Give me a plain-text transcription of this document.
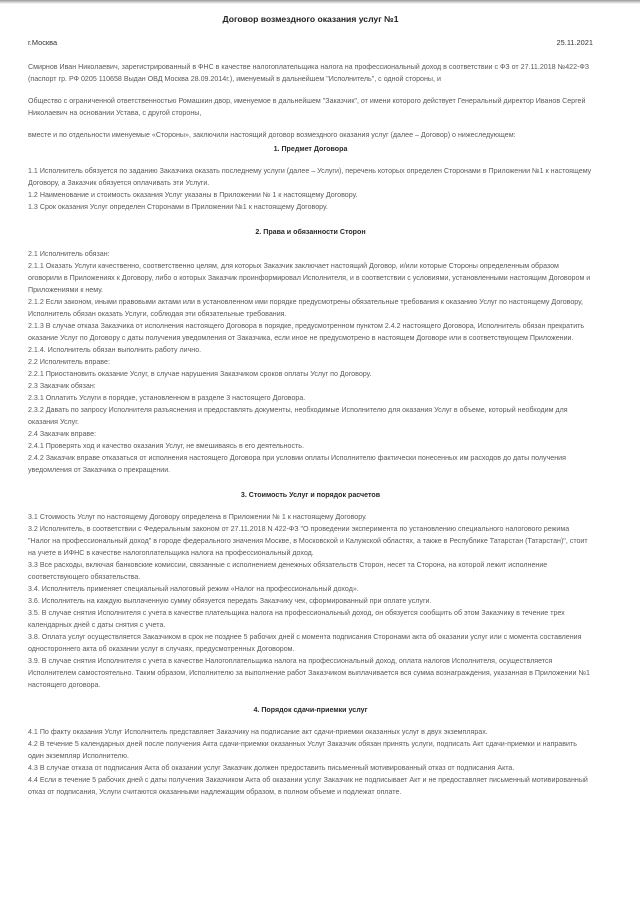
Договор возмездного оказания услуг №1
г.Москва	25.11.2021

Смирнов Иван Николаевич, зарегистрированный в ФНС в качестве налогоплательщика налога на профессиональный доход в соответствии с ФЗ от 27.11.2018 №422-ФЗ (паспорт гр. РФ 0205 110658 Выдан ОВД Москва 28.09.2014г.), именуемый в дальнейшем "Исполнитель", с одной стороны, и

Общество с ограниченной ответственностью Ромашкин двор, именуемое в дальнейшем "Заказчик", от имени которого действует Генеральный директор Иванов Сергей Николаевич на основании Устава, с другой стороны,

вместе и по отдельности именуемые «Стороны», заключили настоящий договор возмездного оказания услуг (далее – Договор) о нижеследующем:

1. Предмет Договора

1.1 Исполнитель обязуется по заданию Заказчика оказать последнему услуги (далее – Услуги), перечень которых определен Сторонами в Приложении №1 к настоящему Договору, а Заказчик обязуется оплачивать эти Услуги.

1.2 Наименование и стоимость оказания Услуг указаны в Приложении № 1 к настоящему Договору.

1.3 Срок оказания Услуг определен Сторонами в Приложении №1 к настоящему Договору.

2. Права и обязанности Сторон

2.1 Исполнитель обязан:

2.1.1 Оказать Услуги качественно, соответственно целям, для которых Заказчик заключает настоящий Договор, и/или которые Стороны определенным образом оговорили в Приложениях к Договору, либо о которых Заказчик проинформировал Исполнителя, и в соответствии с условиями, установленными настоящим Договором и Приложениями к нему.

2.1.2 Если законом, иными правовыми актами или в установленном ими порядке предусмотрены обязательные требования к оказанию Услуг по настоящему Договору, Исполнитель обязан оказать Услуги, соблюдая эти обязательные требования.

2.1.3 В случае отказа Заказчика от исполнения настоящего Договора в порядке, предусмотренном пунктом 2.4.2 настоящего Договора, Исполнитель обязан прекратить оказание Услуг по Договору с даты получения уведомления от Заказчика, если иное не предусмотрено в настоящем Договоре или в соответствующем Приложении.

2.1.4. Исполнитель обязан выполнить работу лично.

2.2 Исполнитель вправе:

2.2.1 Приостановить оказание Услуг, в случае нарушения Заказчиком сроков оплаты Услуг по Договору.

2.3 Заказчик обязан:

2.3.1 Оплатить Услуги в порядке, установленном в разделе 3 настоящего Договора.

2.3.2 Давать по запросу Исполнителя разъяснения и предоставлять документы, необходимые Исполнителю для оказания Услуг в объеме, который необходим для оказания Услуг.

2.4 Заказчик вправе:

2.4.1 Проверять ход и качество оказания Услуг, не вмешиваясь в его деятельность.

2.4.2 Заказчик вправе отказаться от исполнения настоящего Договора при условии оплаты Исполнителю фактически понесенных им расходов до даты получения уведомления от Заказчика о прекращении.

3. Стоимость Услуг и порядок расчетов

3.1 Стоимость Услуг по настоящему Договору определена в Приложении № 1 к настоящему Договору.

3.2 Исполнитель, в соответствии с Федеральным законом от 27.11.2018 N 422-ФЗ "О проведении эксперимента по установлению специального налогового режима "Налог на профессиональный доход" в городе федерального значения Москве, в Московской и Калужской областях, а также в Республике Татарстан (Татарстан)", стоит на учете в ИФНС в качестве налогоплательщика налога на профессиональный доход.

3.3 Все расходы, включая банковские комиссии, связанные с исполнением денежных обязательств Сторон, несет та Сторона, на которой лежит исполнение соответствующего обязательства.

3.4. Исполнитель применяет специальный налоговый режим «Налог на профессиональный доход».

3.6. Исполнитель на каждую выплаченную сумму обязуется передать Заказчику чек, сформированный при оплате услуги.

3.5. В случае снятия Исполнителя с учета в качестве плательщика налога на профессиональный доход, он обязуется сообщить об этом Заказчику в течение трех календарных дней с даты снятия с учета.

3.8. Оплата услуг осуществляется Заказчиком в срок не позднее 5 рабочих дней с момента подписания Сторонами акта об оказании услуг или с момента составления одностороннего акта об оказании услуг в случаях, предусмотренных Договором.

3.9. В случае снятия Исполнителя с учета в качестве Налогоплательщика налога на профессиональный доход, оплата налогов Исполнителя, осуществляется Исполнителем самостоятельно. Таким образом, Исполнителю за выполнение работ Заказчиком выплачивается вся сумма вознаграждения, указанная в Приложении №1 настоящего договора.

4. Порядок сдачи-приемки услуг

4.1 По факту оказания Услуг Исполнитель представляет Заказчику на подписание акт сдачи-приемки оказанных услуг в двух экземплярах.

4.2 В течение 5 календарных дней после получения Акта сдачи-приемки оказанных Услуг Заказчик обязан принять услуги, подписать Акт сдачи-приемки и направить один экземпляр Исполнителю.

4.3 В случае отказа от подписания Акта об оказании услуг Заказчик должен предоставить письменный мотивированный отказ от подписания Акта.

4.4 Если в течение 5 рабочих дней с даты получения Заказчиком Акта об оказании услуг Заказчик не подписывает Акт и не предоставляет письменный мотивированный отказ от подписания, Услуги считаются оказанными надлежащим образом, в полном объеме и подлежат оплате.
